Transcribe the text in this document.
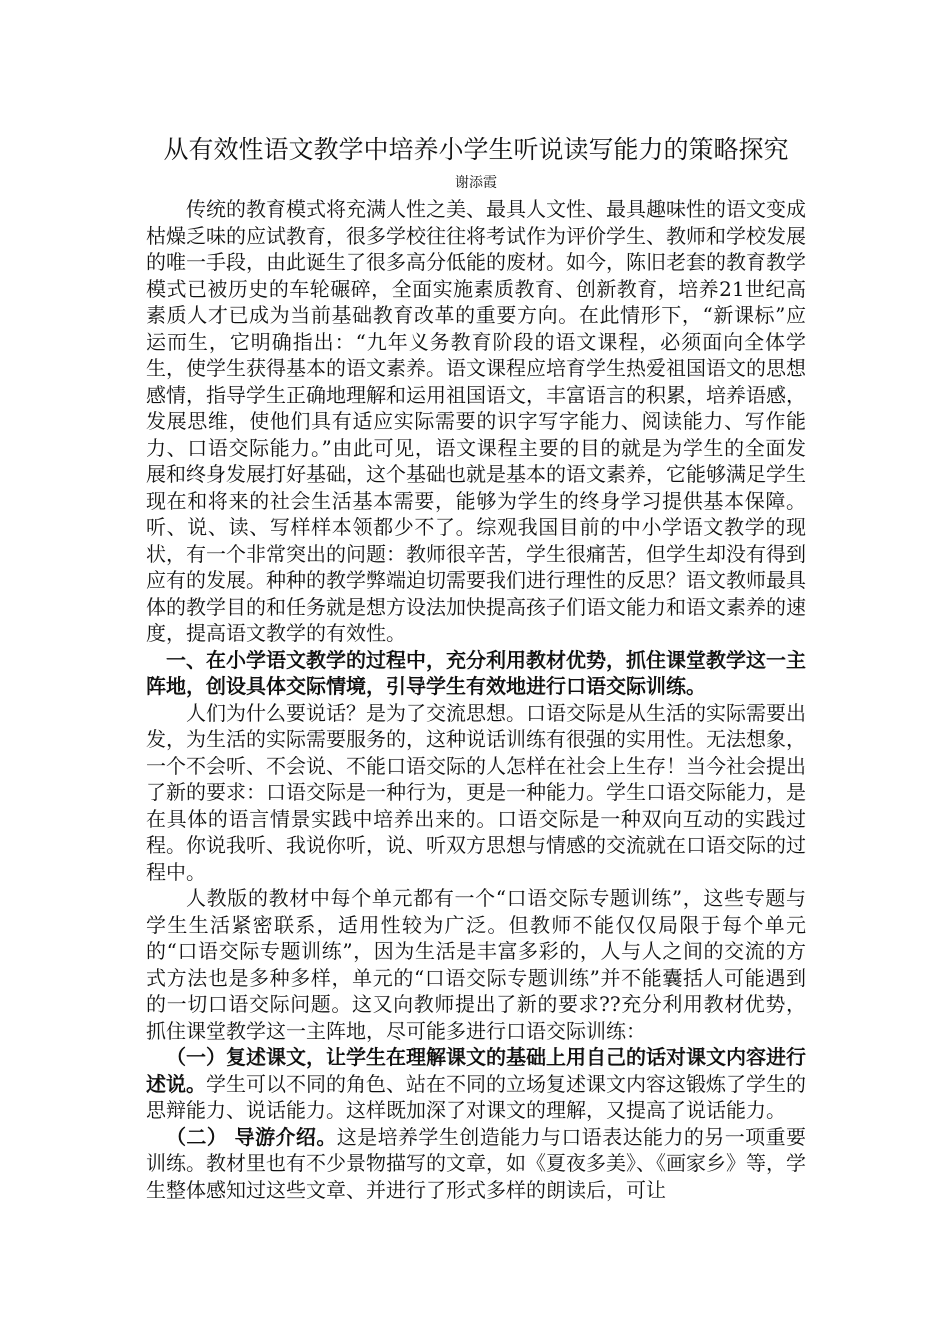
从有效性语文教学中培养小学生听说读写能力的策略探究
谢添霞

传统的教育模式将充满人性之美、最具人文性、最具趣味性的语文变成枯燥乏味的应试教育，很多学校往往将考试作为评价学生、教师和学校发展的唯一手段，由此诞生了很多高分低能的废材。如今，陈旧老套的教育教学模式已被历史的车轮碾碎，全面实施素质教育、创新教育，培养21世纪高素质人才已成为当前基础教育改革的重要方向。在此情形下，“新课标”应运而生，它明确指出：“九年义务教育阶段的语文课程，必须面向全体学生，使学生获得基本的语文素养。语文课程应培育学生热爱祖国语文的思想感情，指导学生正确地理解和运用祖国语文，丰富语言的积累，培养语感，发展思维，使他们具有适应实际需要的识字写字能力、阅读能力、写作能力、口语交际能力。”由此可见，语文课程主要的目的就是为学生的全面发展和终身发展打好基础，这个基础也就是基本的语文素养，它能够满足学生现在和将来的社会生活基本需要，能够为学生的终身学习提供基本保障。听、说、读、写样样本领都少不了。综观我国目前的中小学语文教学的现状，有一个非常突出的问题：教师很辛苦，学生很痛苦，但学生却没有得到应有的发展。种种的教学弊端迫切需要我们进行理性的反思？语文教师最具体的教学目的和任务就是想方设法加快提高孩子们语文能力和语文素养的速度，提高语文教学的有效性。

一、在小学语文教学的过程中，充分利用教材优势，抓住课堂教学这一主阵地，创设具体交际情境，引导学生有效地进行口语交际训练。

人们为什么要说话？是为了交流思想。口语交际是从生活的实际需要出发，为生活的实际需要服务的，这种说话训练有很强的实用性。无法想象，一个不会听、不会说、不能口语交际的人怎样在社会上生存！当今社会提出了新的要求：口语交际是一种行为，更是一种能力。学生口语交际能力，是在具体的语言情景实践中培养出来的。口语交际是一种双向互动的实践过程。你说我听、我说你听，说、听双方思想与情感的交流就在口语交际的过程中。

人教版的教材中每个单元都有一个“口语交际专题训练”，这些专题与学生生活紧密联系，适用性较为广泛。但教师不能仅仅局限于每个单元的“口语交际专题训练”，因为生活是丰富多彩的，人与人之间的交流的方式方法也是多种多样，单元的“口语交际专题训练”并不能囊括人可能遇到的一切口语交际问题。这又向教师提出了新的要求??充分利用教材优势，抓住课堂教学这一主阵地，尽可能多进行口语交际训练：

（一）复述课文，让学生在理解课文的基础上用自己的话对课文内容进行述说。学生可以不同的角色、站在不同的立场复述课文内容这锻炼了学生的思辩能力、说话能力。这样既加深了对课文的理解，又提高了说话能力。

（二） 导游介绍。这是培养学生创造能力与口语表达能力的另一项重要训练。教材里也有不少景物描写的文章，如《夏夜多美》、《画家乡》等，学生整体感知过这些文章、并进行了形式多样的朗读后，可让
